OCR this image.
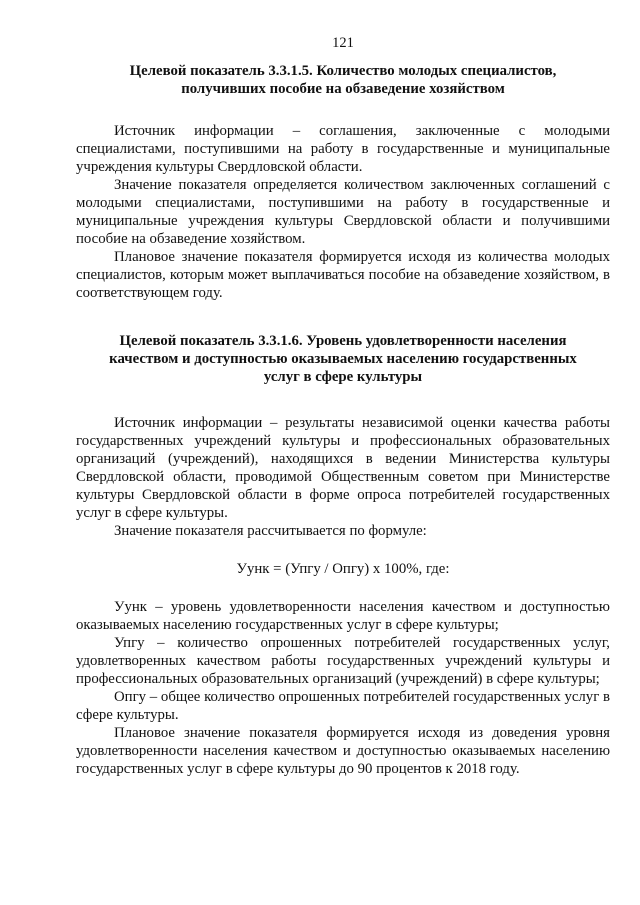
121
Целевой показатель 3.3.1.5. Количество молодых специалистов,
получивших пособие на обзаведение хозяйством

Источник информации – соглашения, заключенные с молодыми специалистами, поступившими на работу в государственные и муниципальные учреждения культуры Свердловской области.

Значение показателя определяется количеством заключенных соглашений с молодыми специалистами, поступившими на работу в государственные и муниципальные учреждения культуры Свердловской области и получившими пособие на обзаведение хозяйством.

Плановое значение показателя формируется исходя из количества молодых специалистов, которым может выплачиваться пособие на обзаведение хозяйством, в соответствующем году.

Целевой показатель 3.3.1.6. Уровень удовлетворенности населения
качеством и доступностью оказываемых населению государственных
услуг в сфере культуры

Источник информации – результаты независимой оценки качества работы государственных учреждений культуры и профессиональных образовательных организаций (учреждений), находящихся в ведении Министерства культуры Свердловской области, проводимой Общественным советом при Министерстве культуры Свердловской области в форме опроса потребителей государственных услуг в сфере культуры.

Значение показателя рассчитывается по формуле:

Уунк = (Упгу / Опгу) x 100%, где:

Уунк – уровень удовлетворенности населения качеством и доступностью оказываемых населению государственных услуг в сфере культуры;

Упгу – количество опрошенных потребителей государственных услуг, удовлетворенных качеством работы государственных учреждений культуры и профессиональных образовательных организаций (учреждений) в сфере культуры;

Опгу – общее количество опрошенных потребителей государственных услуг в сфере культуры.

Плановое значение показателя формируется исходя из доведения уровня удовлетворенности населения качеством и доступностью оказываемых населению государственных услуг в сфере культуры до 90 процентов к 2018 году.
